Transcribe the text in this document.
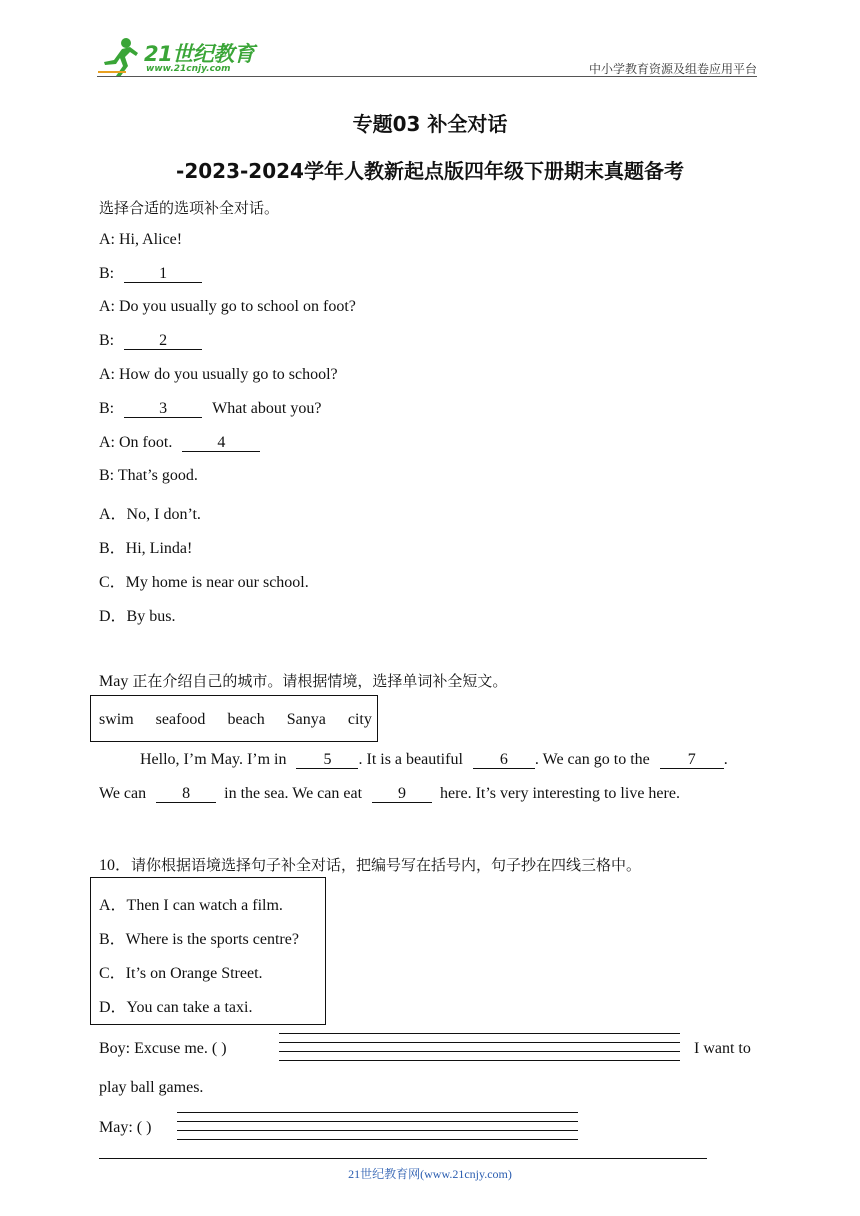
21世纪教育
www.21cnjy.com	中小学教育资源及组卷应用平台
专题03 补全对话
-2023-2024学年人教新起点版四年级下册期末真题备考
选择合适的选项补全对话。
A: Hi, Alice!
B:	1
A: Do you usually go to school on foot?
B:	2
A: How do you usually go to school?
B:	3	What about you?
A: On foot.	4
B: That’s good.
A．No, I don’t.
B．Hi, Linda!
C．My home is near our school.
D．By bus.
May 正在介绍自己的城市。请根据情境，选择单词补全短文。
swim seafood beach Sanya city
Hello, I’m May. I’m in 5 . It is a beautiful 6 . We can go to the 7 .
We can 8 in the sea. We can eat 9 here. It’s very interesting to live here.
10．请你根据语境选择句子补全对话，把编号写在括号内，句子抄在四线三格中。
A．Then I can watch a film.
B．Where is the sports centre?
C．It’s on Orange Street.
D．You can take a taxi.
Boy: Excuse me. ( )	I want to
play ball games.
May: ( )
21世纪教育网(www.21cnjy.com)
